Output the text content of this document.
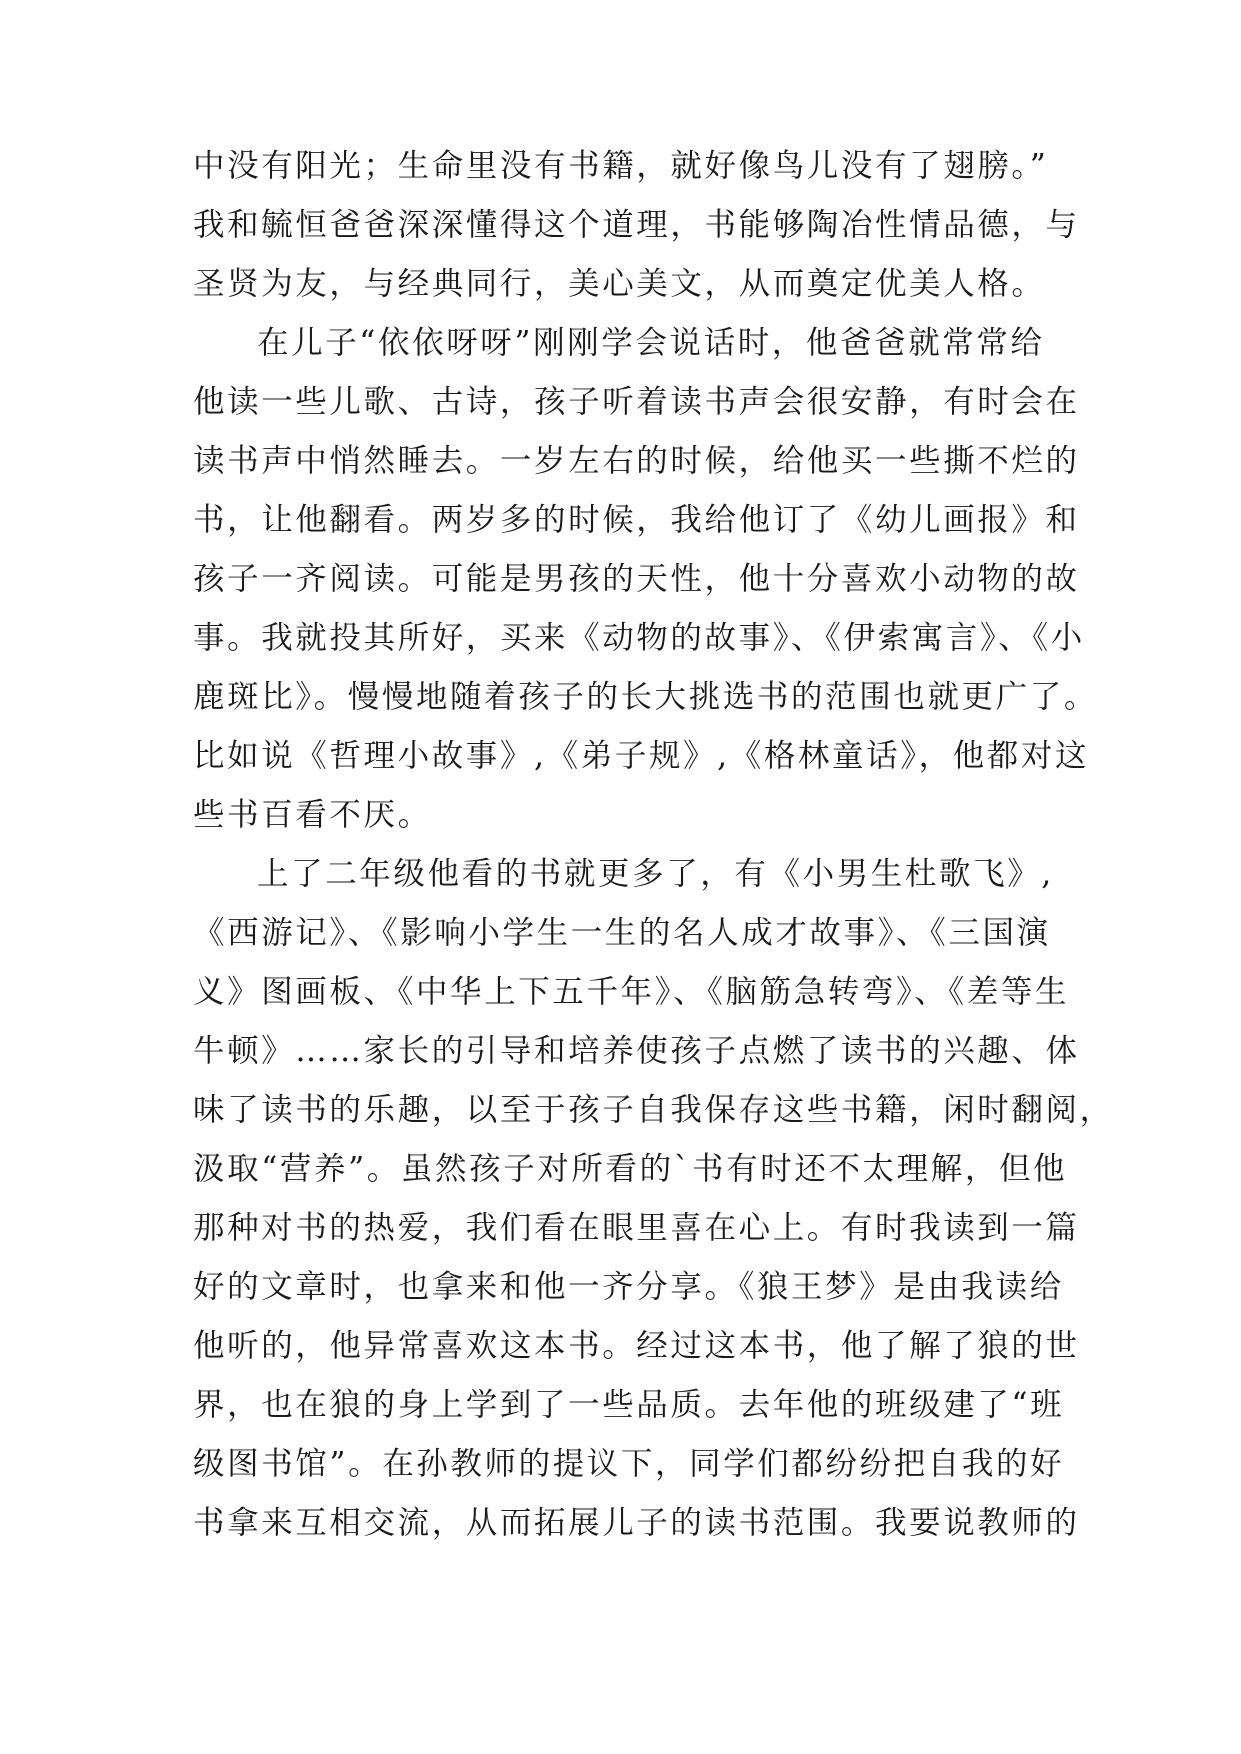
中没有阳光；生命里没有书籍，就好像鸟儿没有了翅膀。”

我和毓恒爸爸深深懂得这个道理，书能够陶冶性情品德，与

圣贤为友，与经典同行，美心美文，从而奠定优美人格。

在儿子“依依呀呀”刚刚学会说话时，他爸爸就常常给

他读一些儿歌、古诗，孩子听着读书声会很安静，有时会在

读书声中悄然睡去。一岁左右的时候，给他买一些撕不烂的

书，让他翻看。两岁多的时候，我给他订了《幼儿画报》和

孩子一齐阅读。可能是男孩的天性，他十分喜欢小动物的故

事。我就投其所好，买来《动物的故事》、《伊索寓言》、《小

鹿斑比》。慢慢地随着孩子的长大挑选书的范围也就更广了。

比如说《哲理小故事》,《弟子规》,《格林童话》，他都对这

些书百看不厌。

上了二年级他看的书就更多了，有《小男生杜歌飞》,

《西游记》、《影响小学生一生的名人成才故事》、《三国演

义》图画板、《中华上下五千年》、《脑筋急转弯》、《差等生

牛顿》……家长的引导和培养使孩子点燃了读书的兴趣、体

味了读书的乐趣，以至于孩子自我保存这些书籍，闲时翻阅，

汲取“营养”。虽然孩子对所看的`书有时还不太理解，但他

那种对书的热爱，我们看在眼里喜在心上。有时我读到一篇

好的文章时，也拿来和他一齐分享。《狼王梦》是由我读给

他听的，他异常喜欢这本书。经过这本书，他了解了狼的世

界，也在狼的身上学到了一些品质。去年他的班级建了“班

级图书馆”。在孙教师的提议下，同学们都纷纷把自我的好

书拿来互相交流，从而拓展儿子的读书范围。我要说教师的
